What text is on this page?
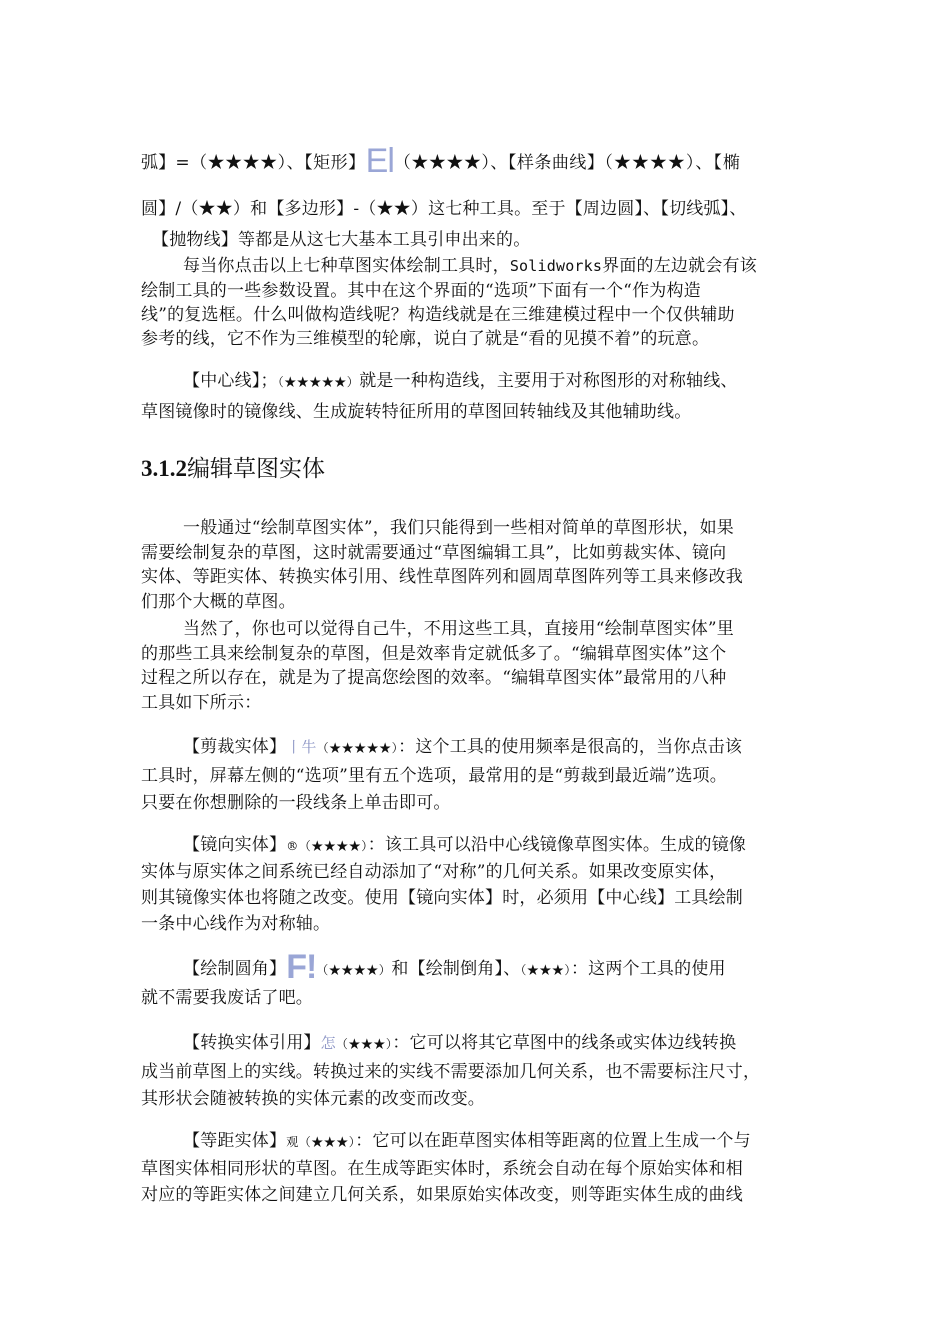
弧】=（★★★★）、【矩形】El（★★★★）、【样条曲线】（★★★★）、【椭
圆】/（★★）和【多边形】-（★★）这七种工具。至于【周边圆】、【切线弧】、
【抛物线】等都是从这七大基本工具引申出来的。
每当你点击以上七种草图实体绘制工具时，Solidworks界面的左边就会有该
绘制工具的一些参数设置。其中在这个界面的“选项”下面有一个“作为构造
线”的复选框。什么叫做构造线呢？构造线就是在三维建模过程中一个仅供辅助
参考的线，它不作为三维模型的轮廓，说白了就是“看的见摸不着”的玩意。
【中心线】；（★★★★★）就是一种构造线，主要用于对称图形的对称轴线、
草图镜像时的镜像线、生成旋转特征所用的草图回转轴线及其他辅助线。
3.1.2编辑草图实体
一般通过“绘制草图实体”，我们只能得到一些相对简单的草图形状，如果
需要绘制复杂的草图，这时就需要通过“草图编辑工具”，比如剪裁实体、镜向
实体、等距实体、转换实体引用、线性草图阵列和圆周草图阵列等工具来修改我
们那个大概的草图。
当然了，你也可以觉得自己牛，不用这些工具，直接用“绘制草图实体”里
的那些工具来绘制复杂的草图，但是效率肯定就低多了。“编辑草图实体”这个
过程之所以存在，就是为了提高您绘图的效率。“编辑草图实体”最常用的八种
工具如下所示：
【剪裁实体】丨牛（★★★★★）：这个工具的使用频率是很高的，当你点击该
工具时，屏幕左侧的“选项”里有五个选项，最常用的是“剪裁到最近端”选项。
只要在你想删除的一段线条上单击即可。
【镜向实体】®（★★★★）：该工具可以沿中心线镜像草图实体。生成的镜像
实体与原实体之间系统已经自动添加了“对称”的几何关系。如果改变原实体，
则其镜像实体也将随之改变。使用【镜向实体】时，必须用【中心线】工具绘制
一条中心线作为对称轴。
【绘制圆角】F!（★★★★）和【绘制倒角】、（★★★）：这两个工具的使用
就不需要我废话了吧。
【转换实体引用】怎（★★★）：它可以将其它草图中的线条或实体边线转换
成当前草图上的实线。转换过来的实线不需要添加几何关系，也不需要标注尺寸，
其形状会随被转换的实体元素的改变而改变。
【等距实体】观（★★★）：它可以在距草图实体相等距离的位置上生成一个与
草图实体相同形状的草图。在生成等距实体时，系统会自动在每个原始实体和相
对应的等距实体之间建立几何关系，如果原始实体改变，则等距实体生成的曲线
